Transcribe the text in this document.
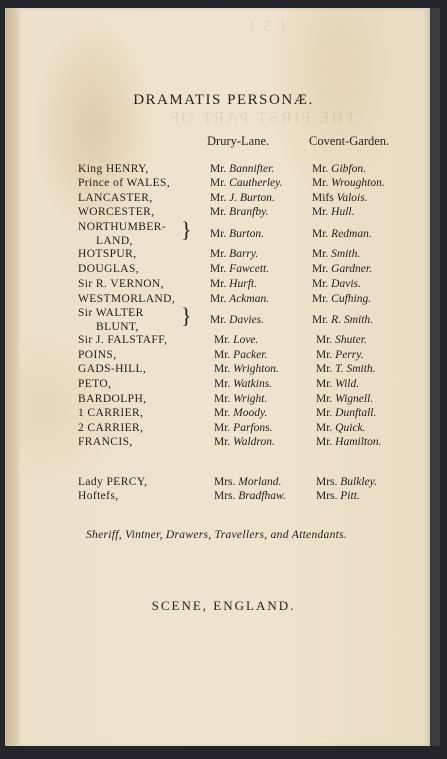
[ 5 ]
THE FIRST PART OF
DRAMATIS PERSONÆ.
Drury-Lane.	Covent-Garden.
King HENRY,	Mr. Bannifter.	Mr. Gibfon.
Prince of WALES,	Mr. Cautherley.	Mr. Wroughton.
LANCASTER,	Mr. J. Burton.	Mifs Valois.
WORCESTER,	Mr. Branfby.	Mr. Hull.
NORTHUMBER-
LAND, } Mr. Burton.	Mr. Redman.
HOTSPUR,	Mr. Barry.	Mr. Smith.
DOUGLAS,	Mr. Fawcett.	Mr. Gardner.
Sir R. VERNON,	Mr. Hurft.	Mr. Davis.
WESTMORLAND,	Mr. Ackman.	Mr. Cufhing.
Sir WALTER
BLUNT, } Mr. Davies.	Mr. R. Smith.
Sir J. FALSTAFF,	Mr. Love.	Mr. Shuter.
POINS,	Mr. Packer.	Mr. Perry.
GADS-HILL,	Mr. Wrighton.	Mr. T. Smith.
PETO,	Mr. Watkins.	Mr. Wild.
BARDOLPH,	Mr. Wright.	Mr. Wignell.
1 CARRIER,	Mr. Moody.	Mr. Dunftall.
2 CARRIER,	Mr. Parfons.	Mr. Quick.
FRANCIS,	Mr. Waldron.	Mr. Hamilton.
Lady PERCY,	Mrs. Morland.	Mrs. Bulkley.
Hoftefs,	Mrs. Bradfhaw.	Mrs. Pitt.
Sheriff, Vintner, Drawers, Travellers, and Attendants.
SCENE, ENGLAND.
